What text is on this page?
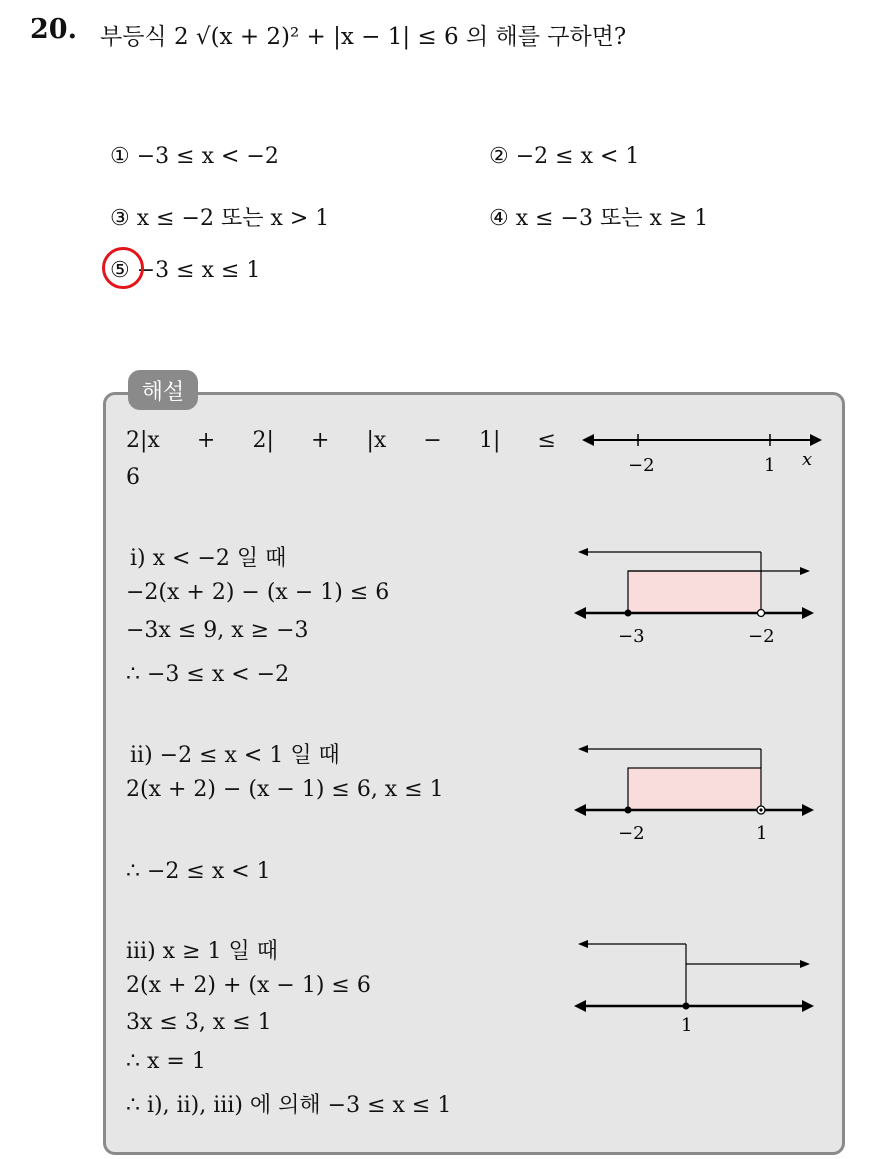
20. 부등식 2 √(x + 2)² + |x − 1| ≤ 6 의 해를 구하면?
① −3 ≤ x < −2	② −2 ≤ x < 1
③ x ≤ −2 또는 x > 1	④ x ≤ −3 또는 x ≥ 1
⑤ −3 ≤ x ≤ 1
해설
2|x + 2| + |x − 1| ≤
6	−2	1 x
ⅰ) x < −2 일 때
−2(x + 2) − (x − 1) ≤ 6
−3x ≤ 9, x ≥ −3
∴ −3 ≤ x < −2
−3	−2
ⅱ) −2 ≤ x < 1 일 때
2(x + 2) − (x − 1) ≤ 6, x ≤ 1
∴ −2 ≤ x < 1
−2	1
ⅲ) x ≥ 1 일 때
2(x + 2) + (x − 1) ≤ 6
3x ≤ 3, x ≤ 1
∴ x = 1
∴ ⅰ), ⅱ), ⅲ) 에 의해 −3 ≤ x ≤ 1
1
